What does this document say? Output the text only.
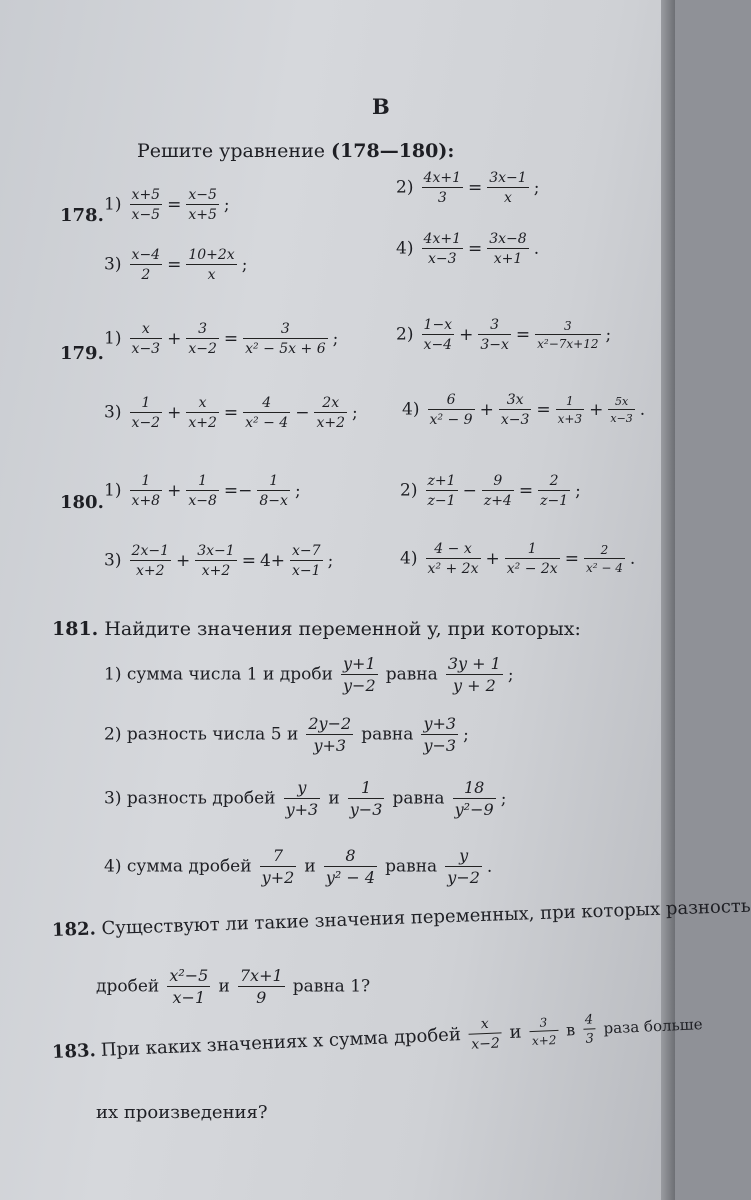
В
Решите уравнение (178—180):
178.
$1) \frac{x+5}{x-5} = \frac{x-5}{x+5}$ ;
$2) \frac{4x+1}{3} = \frac{3x-1}{x}$ ;
$3) \frac{x-4}{2} = \frac{10+2x}{x}$ ;
$4) \frac{4x+1}{x-3} = \frac{3x-8}{x+1}$ .
179.
$1) \frac{x}{x-3} + \frac{3}{x-2} = \frac{3}{\text{x² − 5x + 6}}$ ;	$2) \frac{1-x}{x-4} + \frac{3}{3-x} = \frac{3}{\text{x²−7x+12}}$ ;
$3) \frac{1}{x-2} + \frac{x}{x+2} = \frac{4}{\text{x² − 4}} - \frac{2x}{x+2}$ ;	$4) \frac{6}{\text{x² − 9}} + \frac{3x}{x-3} = \frac{1}{x+3} + \frac{5x}{x-3}$ .
180.
$1) \frac{1}{x+8} + \frac{1}{x-8} =- \frac{1}{8-x}$ ;	$2) \frac{z+1}{z-1} - \frac{9}{z+4} = \frac{2}{z-1}$ ;
$3) \frac{2x-1}{x+2} + \frac{3x-1}{x+2} = 4+ \frac{x-7}{x-1}$ ;	$4) \frac{4 - x}{\text{x² + 2x}} + \frac{1}{\text{x² − 2x}} = \frac{2}{\text{x² − 4}}$ .
181. Найдите значения переменной y, при которых:
1) сумма числа 1 и дроби $\frac{y+1}{y-2}$ равна $\frac{3y + 1}{y + 2}$ ;
2) разность числа 5 и $\frac{2y-2}{y+3}$ равна $\frac{y+3}{y-3}$ ;
3) разность дробей $\frac{y}{y+3}$ и $\frac{1}{y-3}$ равна $\frac{18}{\text{y²−9}}$ ;
4) сумма дробей $\frac{7}{y+2}$ и $\frac{8}{\text{y² − 4}}$ равна $\frac{y}{y-2}$ .
182. Существуют ли такие значения переменных, при которых разность
дробей $\frac{\text{x²−5}}{x-1}$ и $\frac{7x+1}{9}$ равна 1?
183. При каких значениях x сумма дробей $\frac{x}{x-2}$ и $\frac{3}{x+2}$ в $\frac{4}{3}$ раза больше
их произведения?
